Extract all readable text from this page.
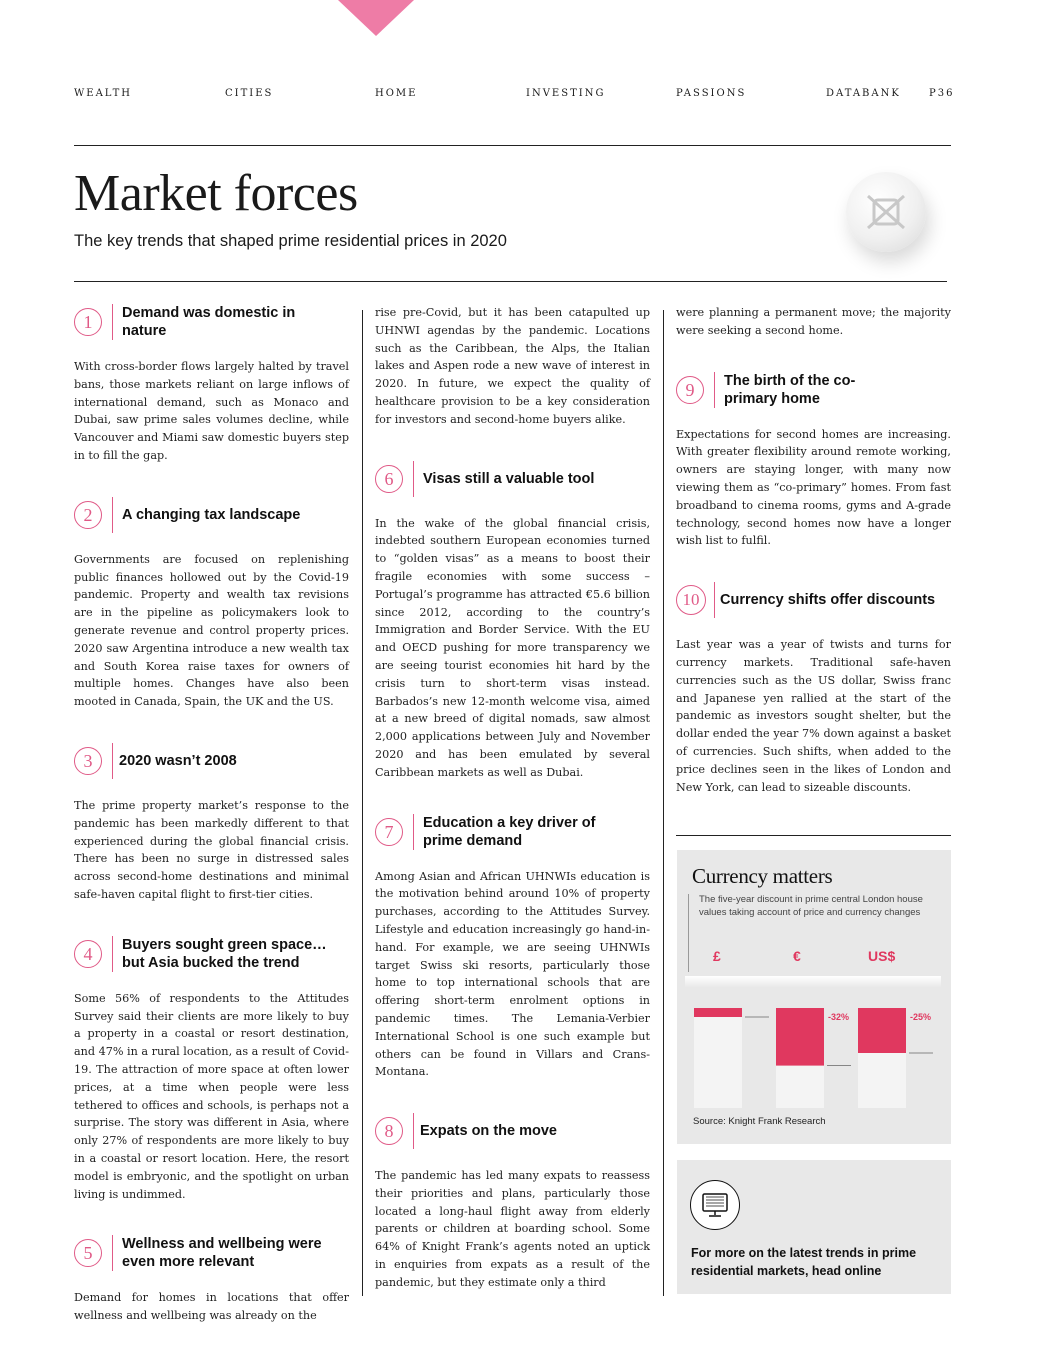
WEALTH	CITIES	HOME	INVESTING	PASSIONS	DATABANK	P36
Market forces
The key trends that shaped prime residential prices in 2020
1	Demand was domestic in nature

With cross-border flows largely halted by travel bans, those markets reliant on large inflows of international demand, such as Monaco and Dubai, saw prime sales volumes decline, while Vancouver and Miami saw domestic buyers step in to fill the gap.

2	A changing tax landscape

Governments are focused on replenishing public finances hollowed out by the Covid-19 pandemic. Property and wealth tax revisions are in the pipeline as policymakers look to generate revenue and control property prices. 2020 saw Argentina introduce a new wealth tax and South Korea raise taxes for owners of multiple homes. Changes have also been mooted in Canada, Spain, the UK and the US.

3	2020 wasn’t 2008

The prime property market’s response to the pandemic has been markedly different to that experienced during the global financial crisis. There has been no surge in distressed sales across second-home destinations and minimal safe-haven capital flight to first-tier cities.

4	Buyers sought green space… but Asia bucked the trend

Some 56% of respondents to the Attitudes Survey said their clients are more likely to buy a property in a coastal or resort destination, and 47% in a rural location, as a result of Covid-19. The attraction of more space at often lower prices, at a time when people were less tethered to offices and schools, is perhaps not a surprise. The story was different in Asia, where only 27% of respondents are more likely to buy in a coastal or resort location. Here, the resort model is embryonic, and the spotlight on urban living is undimmed.

5	Wellness and wellbeing were even more relevant

Demand for homes in locations that offer wellness and wellbeing was already on the

rise pre-Covid, but it has been catapulted up UHNWI agendas by the pandemic. Locations such as the Caribbean, the Alps, the Italian lakes and Aspen rode a new wave of interest in 2020. In future, we expect the quality of healthcare provision to be a key consideration for investors and second-home buyers alike.

6	Visas still a valuable tool

In the wake of the global financial crisis, indebted southern European economies turned to “golden visas” as a means to boost their fragile economies with some success – Portugal’s programme has attracted €5.6 billion since 2012, according to the country’s Immigration and Border Service. With the EU and OECD pushing for more transparency we are seeing tourist economies hit hard by the crisis turn to short-term visas instead. Barbados’s new 12-month welcome visa, aimed at a new breed of digital nomads, saw almost 2,000 applications between July and November 2020 and has been emulated by several Caribbean markets as well as Dubai.

7	Education a key driver of prime demand

Among Asian and African UHNWIs education is the motivation behind around 10% of property purchases, according to the Attitudes Survey. Lifestyle and education increasingly go hand-in-hand. For example, we are seeing UHNWIs target Swiss ski resorts, particularly those home to top international schools that are offering short-term enrolment options in pandemic times. The Lemania-Verbier International School is one such example but others can be found in Villars and Crans-Montana.

8	Expats on the move

The pandemic has led many expats to reassess their priorities and plans, particularly those located a long-haul flight away from elderly parents or children at boarding school. Some 64% of Knight Frank’s agents noted an uptick in enquiries from expats as a result of the pandemic, but they estimate only a third

were planning a permanent move; the majority were seeking a second home.

9	The birth of the co-primary home

Expectations for second homes are increasing. With greater flexibility around remote working, owners are staying longer, with many now viewing them as “co-primary” homes. From fast broadband to cinema rooms, gyms and A-grade technology, second homes now have a longer wish list to fulfil.

10	Currency shifts offer discounts

Last year was a year of twists and turns for currency markets. Traditional safe-haven currencies such as the US dollar, Swiss franc and Japanese yen rallied at the start of the pandemic as investors sought shelter, but the dollar ended the year 7% down against a basket of currencies. Such shifts, when added to the price declines seen in the likes of London and New York, can lead to sizeable discounts.

Currency matters
The five-year discount in prime central London house values taking account of price and currency changes
£	€	US$
-32%	-25%
Source: Knight Frank Research
For more on the latest trends in prime residential markets, head online
